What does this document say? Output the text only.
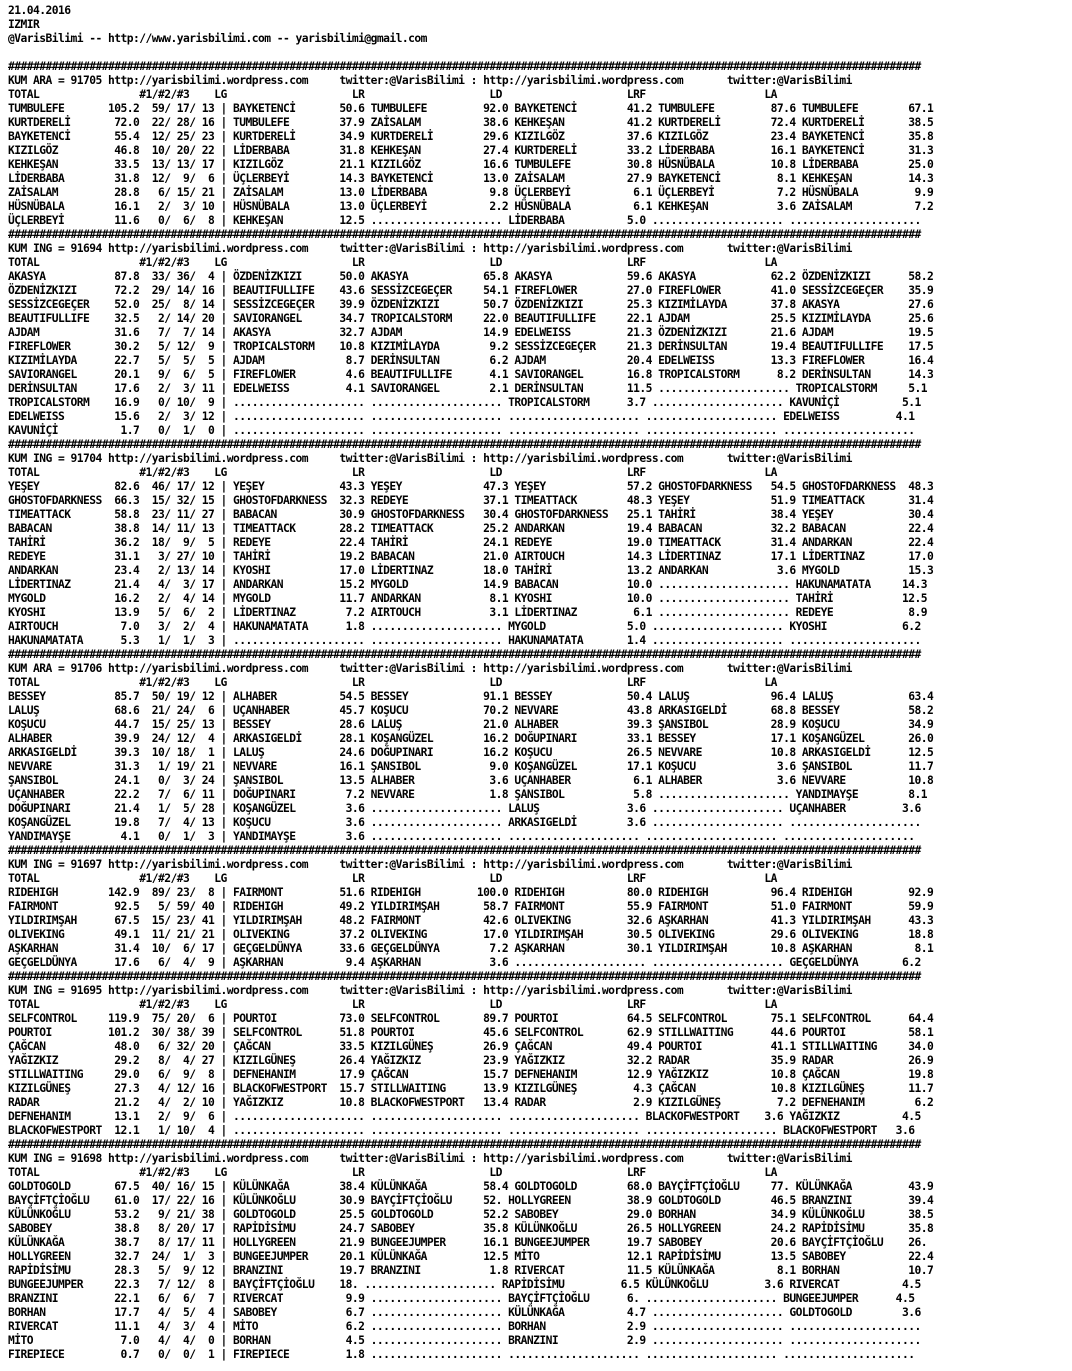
21.04.2016
IZMIR
@VarisBilimi -- http://www.yarisbilimi.com -- yarisbilimi@gmail.com

##################################################################################################################################################
KUM ARA = 91705 http://yarisbilimi.wordpress.com     twitter:@VarisBilimi : http://yarisbilimi.wordpress.com       twitter:@VarisBilimi
TOTAL                #1/#2/#3    LG                    LR                    LD                    LRF                   LA
TUMBULEFE       105.2  59/ 17/ 13 | BAYKETENCİ       50.6 TUMBULEFE         92.0 BAYKETENCİ        41.2 TUMBULEFE         87.6 TUMBULEFE        67.1
KURTDERELİ       72.0  22/ 28/ 16 | TUMBULEFE        37.9 ZAİSALAM          38.6 KEHKEŞAN          41.2 KURTDERELİ        72.4 KURTDERELİ       38.5
BAYKETENCİ       55.4  12/ 25/ 23 | KURTDERELİ       34.9 KURTDERELİ        29.6 KIZILGÖZ          37.6 KIZILGÖZ          23.4 BAYKETENCİ       35.8
KIZILGÖZ         46.8  10/ 20/ 22 | LİDERBABA        31.8 KEHKEŞAN          27.4 KURTDERELİ        33.2 LİDERBABA         16.1 BAYKETENCİ       31.3
KEHKEŞAN         33.5  13/ 13/ 17 | KIZILGÖZ         21.1 KIZILGÖZ          16.6 TUMBULEFE         30.8 HÜSNÜBALA         10.8 LİDERBABA        25.0
LİDERBABA        31.8  12/  9/  6 | ÜÇLERBEYİ        14.3 BAYKETENCİ        13.0 ZAİSALAM          27.9 BAYKETENCİ         8.1 KEHKEŞAN         14.3
ZAİSALAM         28.8   6/ 15/ 21 | ZAİSALAM         13.0 LİDERBABA          9.8 ÜÇLERBEYİ          6.1 ÜÇLERBEYİ          7.2 HÜSNÜBALA         9.9
HÜSNÜBALA        16.1   2/  3/ 10 | HÜSNÜBALA        13.0 ÜÇLERBEYİ          2.2 HÜSNÜBALA          6.1 KEHKEŞAN           3.6 ZAİSALAM          7.2
ÜÇLERBEYİ        11.6   0/  6/  8 | KEHKEŞAN         12.5 ..................... LİDERBABA          5.0 ..................... .....................
##################################################################################################################################################
KUM ING = 91694 http://yarisbilimi.wordpress.com     twitter:@VarisBilimi : http://yarisbilimi.wordpress.com       twitter:@VarisBilimi
TOTAL                #1/#2/#3    LG                    LR                    LD                    LRF                   LA
AKASYA           87.8  33/ 36/  4 | ÖZDENİZKIZI      50.0 AKASYA            65.8 AKASYA            59.6 AKASYA            62.2 ÖZDENİZKIZI      58.2
ÖZDENİZKIZI      72.2  29/ 14/ 16 | BEAUTIFULLIFE    43.6 SESSİZCEGEÇER     54.1 FIREFLOWER        27.0 FIREFLOWER        41.0 SESSİZCEGEÇER    35.9
SESSİZCEGEÇER    52.0  25/  8/ 14 | SESSİZCEGEÇER    39.9 ÖZDENİZKIZI       50.7 ÖZDENİZKIZI       25.3 KIZIMİLAYDA       37.8 AKASYA           27.6
BEAUTIFULLIFE    32.5   2/ 14/ 20 | SAVIORANGEL      34.7 TROPICALSTORM     22.0 BEAUTIFULLIFE     22.1 AJDAM             25.5 KIZIMİLAYDA      25.6
AJDAM            31.6   7/  7/ 14 | AKASYA           32.7 AJDAM             14.9 EDELWEISS         21.3 ÖZDENİZKIZI       21.6 AJDAM            19.5
FIREFLOWER       30.2   5/ 12/  9 | TROPICALSTORM    10.8 KIZIMİLAYDA        9.2 SESSİZCEGEÇER     21.3 DERİNSULTAN       19.4 BEAUTIFULLIFE    17.5
KIZIMİLAYDA      22.7   5/  5/  5 | AJDAM             8.7 DERİNSULTAN        6.2 AJDAM             20.4 EDELWEISS         13.3 FIREFLOWER       16.4
SAVIORANGEL      20.1   9/  6/  5 | FIREFLOWER        4.6 BEAUTIFULLIFE      4.1 SAVIORANGEL       16.8 TROPICALSTORM      8.2 DERİNSULTAN      14.3
DERİNSULTAN      17.6   2/  3/ 11 | EDELWEISS         4.1 SAVIORANGEL        2.1 DERİNSULTAN       11.5 ..................... TROPICALSTORM     5.1
TROPICALSTORM    16.9   0/ 10/  9 | ..................... ..................... TROPICALSTORM      3.7 ..................... KAVUNİÇİ          5.1
EDELWEISS        15.6   2/  3/ 12 | ..................... ..................... ..................... ..................... EDELWEISS         4.1
KAVUNİÇİ          1.7   0/  1/  0 | ..................... ..................... ..................... ..................... .....................
##################################################################################################################################################
KUM ING = 91704 http://yarisbilimi.wordpress.com     twitter:@VarisBilimi : http://yarisbilimi.wordpress.com       twitter:@VarisBilimi
TOTAL                #1/#2/#3    LG                    LR                    LD                    LRF                   LA
YEŞEY            82.6  46/ 17/ 12 | YEŞEY            43.3 YEŞEY             47.3 YEŞEY             57.2 GHOSTOFDARKNESS   54.5 GHOSTOFDARKNESS  48.3
GHOSTOFDARKNESS  66.3  15/ 32/ 15 | GHOSTOFDARKNESS  32.3 REDEYE            37.1 TIMEATTACK        48.3 YEŞEY             51.9 TIMEATTACK       31.4
TIMEATTACK       58.8  23/ 11/ 27 | BABACAN          30.9 GHOSTOFDARKNESS   30.4 GHOSTOFDARKNESS   25.1 TAHİRİ            38.4 YEŞEY            30.4
BABACAN          38.8  14/ 11/ 13 | TIMEATTACK       28.2 TIMEATTACK        25.2 ANDARKAN          19.4 BABACAN           32.2 BABACAN          22.4
TAHİRİ           36.2  18/  9/  5 | REDEYE           22.4 TAHİRİ            24.1 REDEYE            19.0 TIMEATTACK        31.4 ANDARKAN         22.4
REDEYE           31.1   3/ 27/ 10 | TAHİRİ           19.2 BABACAN           21.0 AIRTOUCH          14.3 LİDERTINAZ        17.1 LİDERTINAZ       17.0
ANDARKAN         23.4   2/ 13/ 14 | KYOSHI           17.0 LİDERTINAZ        18.0 TAHİRİ            13.2 ANDARKAN           3.6 MYGOLD           15.3
LİDERTINAZ       21.4   4/  3/ 17 | ANDARKAN         15.2 MYGOLD            14.9 BABACAN           10.0 ..................... HAKUNAMATATA     14.3
MYGOLD           16.2   2/  4/ 14 | MYGOLD           11.7 ANDARKAN           8.1 KYOSHI            10.0 ..................... TAHİRİ           12.5
KYOSHI           13.9   5/  6/  2 | LİDERTINAZ        7.2 AIRTOUCH           3.1 LİDERTINAZ         6.1 ..................... REDEYE            8.9
AIRTOUCH          7.0   3/  2/  4 | HAKUNAMATATA      1.8 ..................... MYGOLD             5.0 ..................... KYOSHI            6.2
HAKUNAMATATA      5.3   1/  1/  3 | ..................... ..................... HAKUNAMATATA       1.4 ..................... .....................
##################################################################################################################################################
KUM ARA = 91706 http://yarisbilimi.wordpress.com     twitter:@VarisBilimi : http://yarisbilimi.wordpress.com       twitter:@VarisBilimi
TOTAL                #1/#2/#3    LG                    LR                    LD                    LRF                   LA
BESSEY           85.7  50/ 19/ 12 | ALHABER          54.5 BESSEY            91.1 BESSEY            50.4 LALUŞ             96.4 LALUŞ            63.4
LALUŞ            68.6  21/ 24/  6 | UÇANHABER        45.7 KOŞUCU            70.2 NEVVARE           43.8 ARKASIGELDİ       68.8 BESSEY           58.2
KOŞUCU           44.7  15/ 25/ 13 | BESSEY           28.6 LALUŞ             21.0 ALHABER           39.3 ŞANSIBOL          28.9 KOŞUCU           34.9
ALHABER          39.9  24/ 12/  4 | ARKASIGELDİ      28.1 KOŞANGÜZEL        16.2 DOĞUPINARI        33.1 BESSEY            17.1 KOŞANGÜZEL       26.0
ARKASIGELDİ      39.3  10/ 18/  1 | LALUŞ            24.6 DOĞUPINARI        16.2 KOŞUCU            26.5 NEVVARE           10.8 ARKASIGELDİ      12.5
NEVVARE          31.3   1/ 19/ 21 | NEVVARE          16.1 ŞANSIBOL           9.0 KOŞANGÜZEL        17.1 KOŞUCU             3.6 ŞANSIBOL         11.7
ŞANSIBOL         24.1   0/  3/ 24 | ŞANSIBOL         13.5 ALHABER            3.6 UÇANHABER          6.1 ALHABER            3.6 NEVVARE          10.8
UÇANHABER        22.2   7/  6/ 11 | DOĞUPINARI        7.2 NEVVARE            1.8 ŞANSIBOL           5.8 ..................... YANDIMAYŞE        8.1
DOĞUPINARI       21.4   1/  5/ 28 | KOŞANGÜZEL        3.6 ..................... LALUŞ              3.6 ..................... UÇANHABER         3.6
KOŞANGÜZEL       19.8   7/  4/ 13 | KOŞUCU            3.6 ..................... ARKASIGELDİ        3.6 ..................... .....................
YANDIMAYŞE        4.1   0/  1/  3 | YANDIMAYŞE        3.6 ..................... ..................... ..................... .....................
##################################################################################################################################################
KUM ING = 91697 http://yarisbilimi.wordpress.com     twitter:@VarisBilimi : http://yarisbilimi.wordpress.com       twitter:@VarisBilimi
TOTAL                #1/#2/#3    LG                    LR                    LD                    LRF                   LA
RIDEHIGH        142.9  89/ 23/  8 | FAIRMONT         51.6 RIDEHIGH         100.0 RIDEHIGH          80.0 RIDEHIGH          96.4 RIDEHIGH         92.9
FAIRMONT         92.5   5/ 59/ 40 | RIDEHIGH         49.2 YILDIRIMŞAH       58.7 FAIRMONT          55.9 FAIRMONT          51.0 FAIRMONT         59.9
YILDIRIMŞAH      67.5  15/ 23/ 41 | YILDIRIMŞAH      48.2 FAIRMONT          42.6 OLIVEKING         32.6 AŞKARHAN          41.3 YILDIRIMŞAH      43.3
OLIVEKING        49.1  11/ 21/ 21 | OLIVEKING        37.2 OLIVEKING         17.0 YILDIRIMŞAH       30.5 OLIVEKING         29.6 OLIVEKING        18.8
AŞKARHAN         31.4  10/  6/ 17 | GEÇGELDÜNYA      33.6 GEÇGELDÜNYA        7.2 AŞKARHAN          30.1 YILDIRIMŞAH       10.8 AŞKARHAN          8.1
GEÇGELDÜNYA      17.6   6/  4/  9 | AŞKARHAN          9.4 AŞKARHAN           3.6 ..................... ..................... GEÇGELDÜNYA       6.2
##################################################################################################################################################
KUM ING = 91695 http://yarisbilimi.wordpress.com     twitter:@VarisBilimi : http://yarisbilimi.wordpress.com       twitter:@VarisBilimi
TOTAL                #1/#2/#3    LG                    LR                    LD                    LRF                   LA
SELFCONTROL     119.9  75/ 20/  6 | POURTOI          73.0 SELFCONTROL       89.7 POURTOI           64.5 SELFCONTROL       75.1 SELFCONTROL      64.4
POURTOI         101.2  30/ 38/ 39 | SELFCONTROL      51.8 POURTOI           45.6 SELFCONTROL       62.9 STILLWAITING      44.6 POURTOI          58.1
ÇAĞCAN           48.0   6/ 32/ 20 | ÇAĞCAN           33.5 KIZILGÜNEŞ        26.9 ÇAĞCAN            49.4 POURTOI           41.1 STILLWAITING     34.0
YAĞIZKIZ         29.2   8/  4/ 27 | KIZILGÜNEŞ       26.4 YAĞIZKIZ          23.9 YAĞIZKIZ          32.2 RADAR             35.9 RADAR            26.9
STILLWAITING     29.0   6/  9/  8 | DEFNEHANIM       17.9 ÇAĞCAN            15.7 DEFNEHANIM        12.9 YAĞIZKIZ          10.8 ÇAĞCAN           19.8
KIZILGÜNEŞ       27.3   4/ 12/ 16 | BLACKOFWESTPORT  15.7 STILLWAITING      13.9 KIZILGÜNEŞ         4.3 ÇAĞCAN            10.8 KIZILGÜNEŞ       11.7
RADAR            21.2   4/  2/ 10 | YAĞIZKIZ         10.8 BLACKOFWESTPORT   13.4 RADAR              2.9 KIZILGÜNEŞ         7.2 DEFNEHANIM        6.2
DEFNEHANIM       13.1   2/  9/  6 | ..................... ..................... ..................... BLACKOFWESTPORT    3.6 YAĞIZKIZ          4.5
BLACKOFWESTPORT  12.1   1/ 10/  4 | ..................... ..................... ..................... ..................... BLACKOFWESTPORT   3.6
##################################################################################################################################################
KUM ING = 91698 http://yarisbilimi.wordpress.com     twitter:@VarisBilimi : http://yarisbilimi.wordpress.com       twitter:@VarisBilimi
TOTAL                #1/#2/#3    LG                    LR                    LD                    LRF                   LA
GOLDTOGOLD       67.5  40/ 16/ 15 | KÜLÜNKAĞA        38.4 KÜLÜNKAĞA         58.4 GOLDTOGOLD        68.0 BAYÇİFTÇİOĞLU     77. KÜLÜNKAĞA         43.9
BAYÇİFTÇİOĞLU    61.0  17/ 22/ 16 | KÜLÜNKOĞLU       30.9 BAYÇİFTÇİOĞLU     52. HOLLYGREEN         38.9 GOLDTOGOLD        46.5 BRANZINI         39.4
KÜLÜNKOĞLU       53.2   9/ 21/ 38 | GOLDTOGOLD       25.5 GOLDTOGOLD        52.2 SABOBEY           29.0 BORHAN            34.9 KÜLÜNKOĞLU       38.5
SABOBEY          38.8   8/ 20/ 17 | RAPİDİSİMU       24.7 SABOBEY           35.8 KÜLÜNKOĞLU        26.5 HOLLYGREEN        24.2 RAPİDİSİMU       35.8
KÜLÜNKAĞA        38.7   8/ 17/ 11 | HOLLYGREEN       21.9 BUNGEEJUMPER      16.1 BUNGEEJUMPER      19.7 SABOBEY           20.6 BAYÇİFTÇİOĞLU    26.
HOLLYGREEN       32.7  24/  1/  3 | BUNGEEJUMPER     20.1 KÜLÜNKAĞA         12.5 MİTO              12.1 RAPİDİSİMU        13.5 SABOBEY          22.4
RAPİDİSİMU       28.3   5/  9/ 12 | BRANZINI         19.7 BRANZINI           1.8 RIVERCAT          11.5 KÜLÜNKAĞA          8.1 BORHAN           10.7
BUNGEEJUMPER     22.3   7/ 12/  8 | BAYÇİFTÇİOĞLU    18. ..................... RAPİDİSİMU         6.5 KÜLÜNKOĞLU         3.6 RIVERCAT          4.5
BRANZINI         22.1   6/  6/  7 | RIVERCAT          9.9 ..................... BAYÇİFTÇİOĞLU      6. ..................... BUNGEEJUMPER      4.5
BORHAN           17.7   4/  5/  4 | SABOBEY           6.7 ..................... KÜLÜNKAĞA          4.7 ..................... GOLDTOGOLD        3.6
RIVERCAT         11.1   4/  3/  4 | MİTO              6.2 ..................... BORHAN             2.9 ..................... .....................
MİTO              7.0   4/  4/  0 | BORHAN            4.5 ..................... BRANZINI           2.9 ..................... .....................
FIREPIECE         0.7   0/  0/  1 | FIREPIECE         1.8 ..................... ..................... ..................... .....................
